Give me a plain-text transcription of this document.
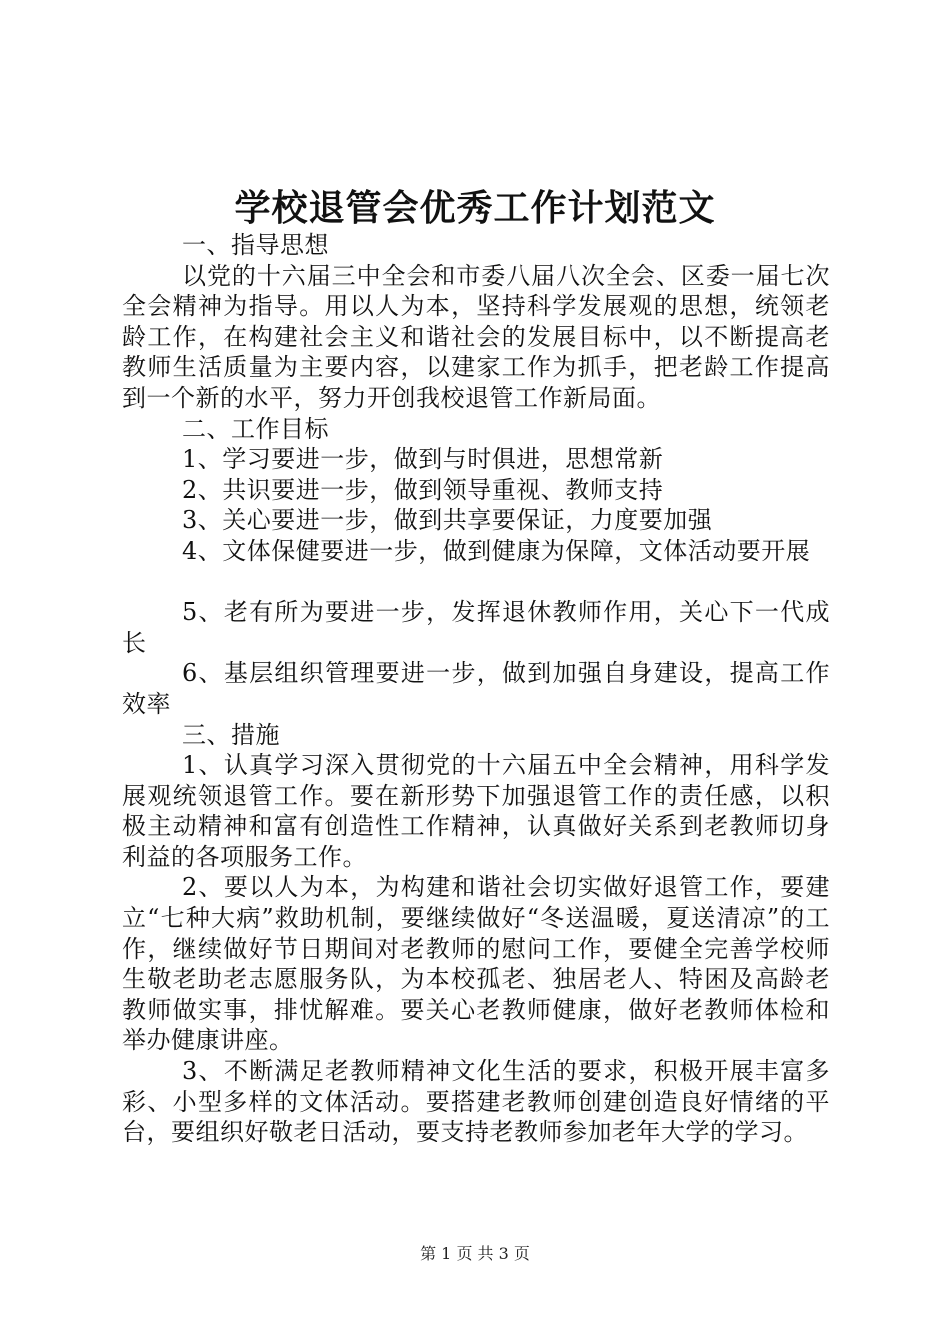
学校退管会优秀工作计划范文

一、指导思想

以党的十六届三中全会和市委八届八次全会、区委一届七次全会精神为指导。用以人为本，坚持科学发展观的思想，统领老龄工作，在构建社会主义和谐社会的发展目标中，以不断提高老教师生活质量为主要内容，以建家工作为抓手，把老龄工作提高到一个新的水平，努力开创我校退管工作新局面。

二、工作目标

1、学习要进一步，做到与时俱进，思想常新

2、共识要进一步，做到领导重视、教师支持

3、关心要进一步，做到共享要保证，力度要加强

4、文体保健要进一步，做到健康为保障，文体活动要开展

5、老有所为要进一步，发挥退休教师作用，关心下一代成长

6、基层组织管理要进一步，做到加强自身建设，提高工作效率

三、措施

1、认真学习深入贯彻党的十六届五中全会精神，用科学发展观统领退管工作。要在新形势下加强退管工作的责任感，以积极主动精神和富有创造性工作精神，认真做好关系到老教师切身利益的各项服务工作。

2、要以人为本，为构建和谐社会切实做好退管工作，要建立“七种大病”救助机制，要继续做好“冬送温暖，夏送清凉”的工作，继续做好节日期间对老教师的慰问工作，要健全完善学校师生敬老助老志愿服务队，为本校孤老、独居老人、特困及高龄老教师做实事，排忧解难。要关心老教师健康，做好老教师体检和举办健康讲座。

3、不断满足老教师精神文化生活的要求，积极开展丰富多彩、小型多样的文体活动。要搭建老教师创建创造良好情绪的平台，要组织好敬老日活动，要支持老教师参加老年大学的学习。

第 1 页 共 3 页
